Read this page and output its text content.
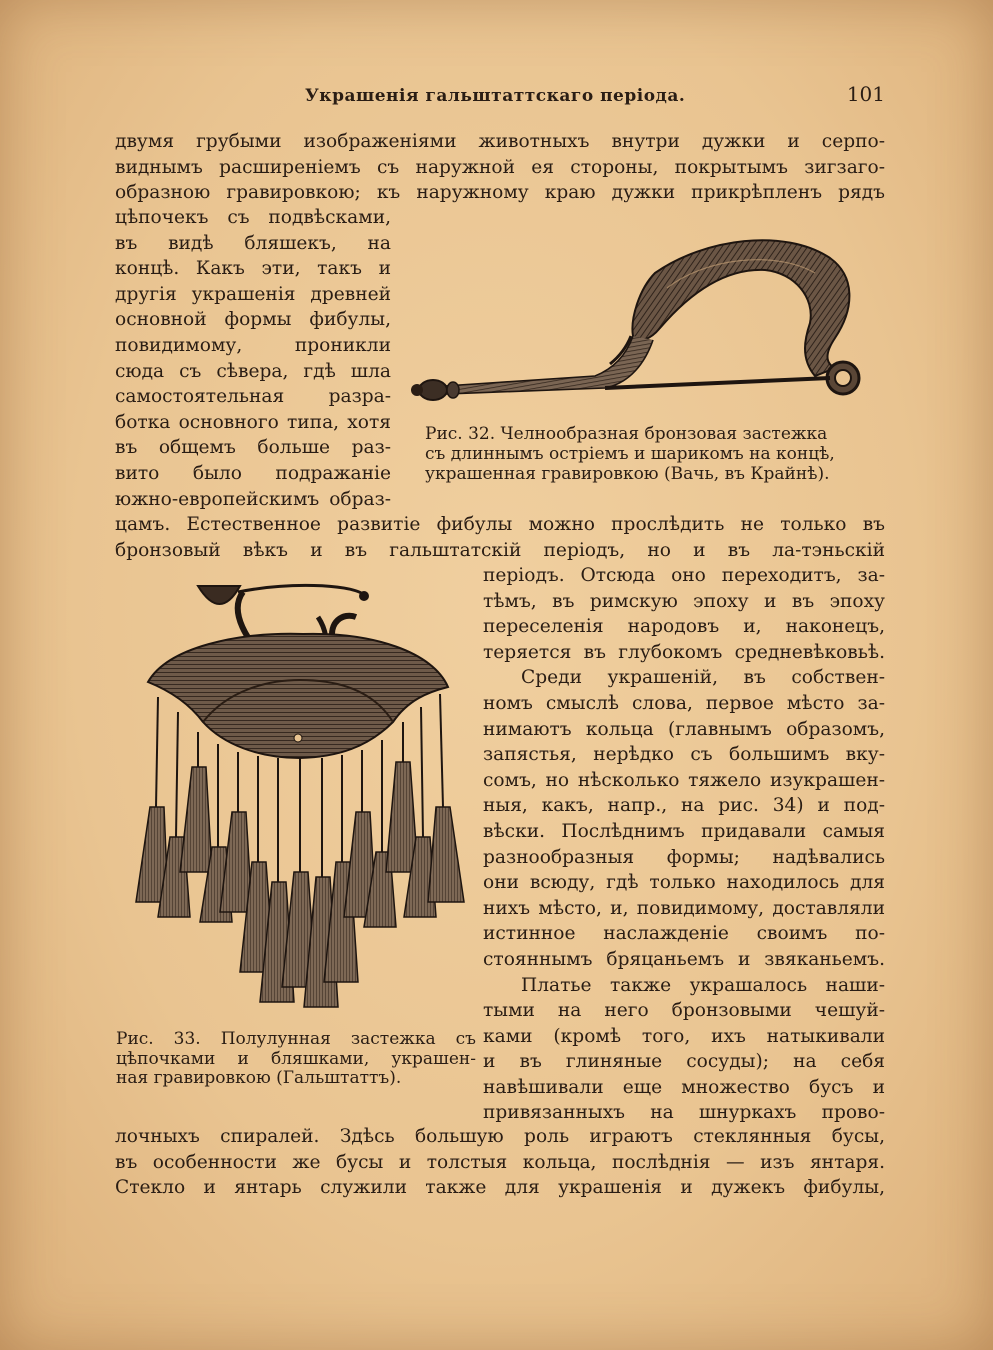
Украшенія гальштаттскаго періода.	101
двумя грубыми изображеніями животныхъ внутри дужки и серпо-
виднымъ расширеніемъ съ наружной ея стороны, покрытымъ зигзаго-
образною гравировкою; къ наружному краю дужки прикрѣпленъ рядъ
цѣпочекъ съ подвѣсками,
въ видѣ бляшекъ, на
концѣ. Какъ эти, такъ и
другія украшенія древней
основной формы фибулы,
повидимому, проникли
сюда съ сѣвера, гдѣ шла
самостоятельная разра-
ботка основного типа, хотя
въ общемъ больше раз-
вито было подражаніе
южно-европейскимъ образ-
Рис. 32. Челнообразная бронзовая застежка
съ длиннымъ остріемъ и шарикомъ на концѣ,
украшенная гравировкою (Вачь, въ Крайнѣ).
цамъ. Естественное развитіе фибулы можно прослѣдить не только въ
бронзовый вѣкъ и въ гальштатскій періодъ, но и въ ла-тэньскій
Рис. 33. Полулунная застежка съ
цѣпочками и бляшками, украшен-
ная гравировкою (Гальштаттъ).
періодъ. Отсюда оно переходитъ, за-
тѣмъ, въ римскую эпоху и въ эпоху
переселенія народовъ и, наконецъ,
теряется въ глубокомъ средневѣковьѣ.
Среди украшеній, въ собствен-
номъ смыслѣ слова, первое мѣсто за-
нимаютъ кольца (главнымъ образомъ,
запястья, нерѣдко съ большимъ вку-
сомъ, но нѣсколько тяжело изукрашен-
ныя, какъ, напр., на рис. 34) и под-
вѣски. Послѣднимъ придавали самыя
разнообразныя формы; надѣвались
они всюду, гдѣ только находилось для
нихъ мѣсто, и, повидимому, доставляли
истинное наслажденіе своимъ по-
стояннымъ бряцаньемъ и звяканьемъ.
Платье также украшалось наши-
тыми на него бронзовыми чешуй-
ками (кромѣ того, ихъ натыкивали
и въ глиняные сосуды); на себя
навѣшивали еще множество бусъ и
привязанныхъ на шнуркахъ прово-
лочныхъ спиралей. Здѣсь большую роль играютъ стеклянныя бусы,
въ особенности же бусы и толстыя кольца, послѣднія — изъ янтаря.
Стекло и янтарь служили также для украшенія и дужекъ фибулы,
